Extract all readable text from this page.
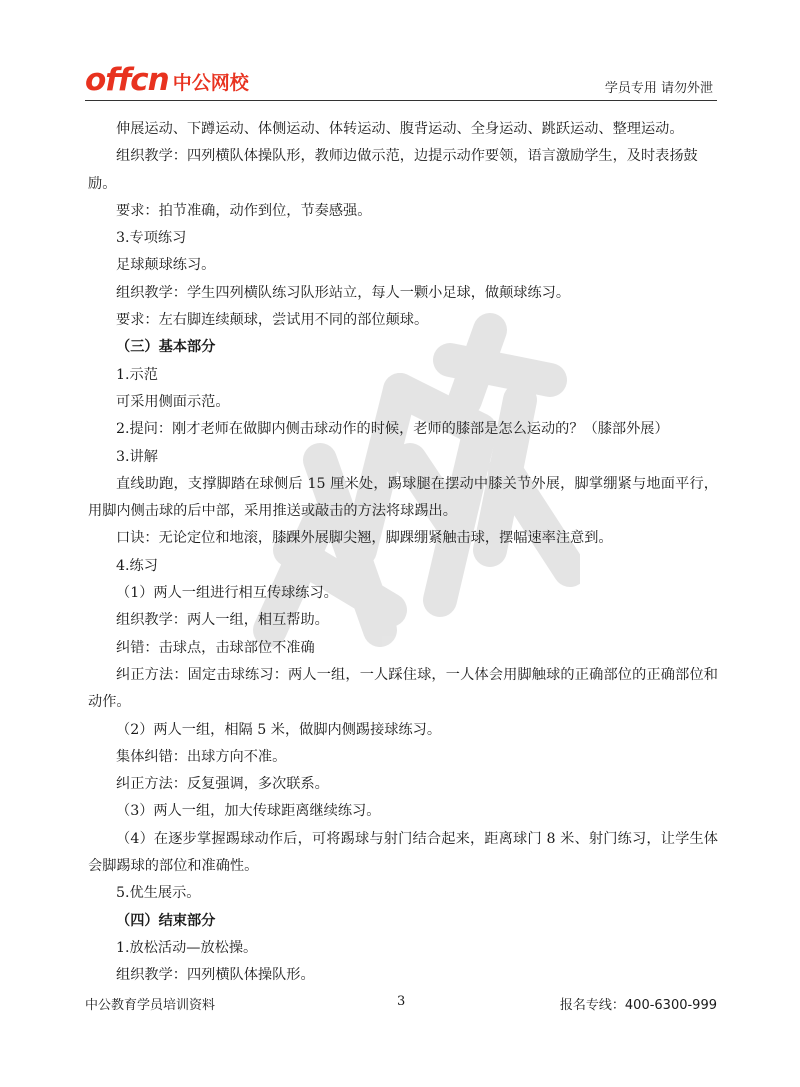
offcn 中公网校	学员专用 请勿外泄

伸展运动、下蹲运动、体侧运动、体转运动、腹背运动、全身运动、跳跃运动、整理运动。

组织教学：四列横队体操队形，教师边做示范，边提示动作要领，语言激励学生，及时表扬鼓励。

要求：拍节准确，动作到位，节奏感强。

3.专项练习

足球颠球练习。

组织教学：学生四列横队练习队形站立，每人一颗小足球，做颠球练习。

要求：左右脚连续颠球，尝试用不同的部位颠球。

（三）基本部分

1.示范

可采用侧面示范。

2.提问：刚才老师在做脚内侧击球动作的时候，老师的膝部是怎么运动的？（膝部外展）

3.讲解

直线助跑，支撑脚踏在球侧后 15 厘米处，踢球腿在摆动中膝关节外展，脚掌绷紧与地面平行，用脚内侧击球的后中部，采用推送或敲击的方法将球踢出。

口诀：无论定位和地滚，膝踝外展脚尖翘，脚踝绷紧触击球，摆幅速率注意到。

4.练习

（1）两人一组进行相互传球练习。

组织教学：两人一组，相互帮助。

纠错：击球点，击球部位不准确

纠正方法：固定击球练习：两人一组，一人踩住球，一人体会用脚触球的正确部位的正确部位和动作。

（2）两人一组，相隔 5 米，做脚内侧踢接球练习。

集体纠错：出球方向不准。

纠正方法：反复强调，多次联系。

（3）两人一组，加大传球距离继续练习。

（4）在逐步掌握踢球动作后，可将踢球与射门结合起来，距离球门 8 米、射门练习，让学生体会脚踢球的部位和准确性。

5.优生展示。

（四）结束部分

1.放松活动—放松操。

组织教学：四列横队体操队形。

中公教育学员培训资料	3	报名专线：400-6300-999
